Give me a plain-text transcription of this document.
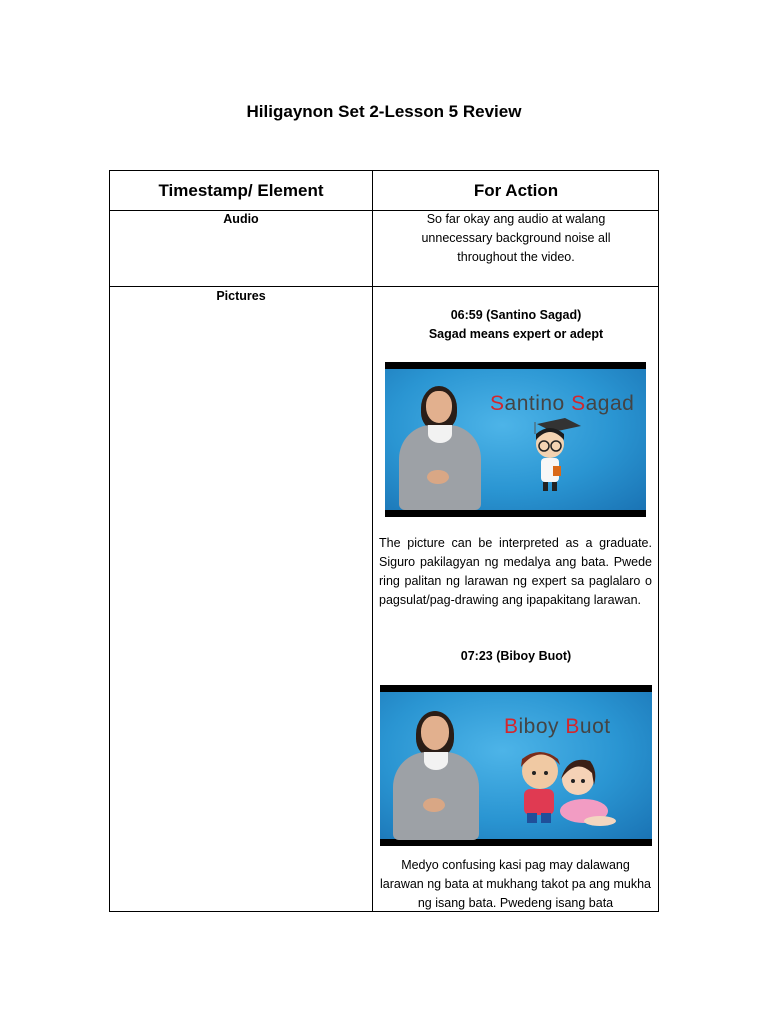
Hiligaynon Set 2-Lesson 5 Review
Timestamp/ Element	For Action
Audio	So far okay ang audio at walang unnecessary background noise all throughout the video.
Pictures
06:59 (Santino Sagad)
Sagad means expert or adept
Santino Sagad
The picture can be interpreted as a graduate. Siguro pakilagyan ng medalya ang bata. Pwede ring palitan ng larawan ng expert sa paglalaro o pagsulat/pag-drawing ang ipapakitang larawan.
07:23 (Biboy Buot)
Biboy Buot
Medyo confusing kasi pag may dalawang larawan ng bata at mukhang takot pa ang mukha ng isang bata. Pwedeng isang bata
